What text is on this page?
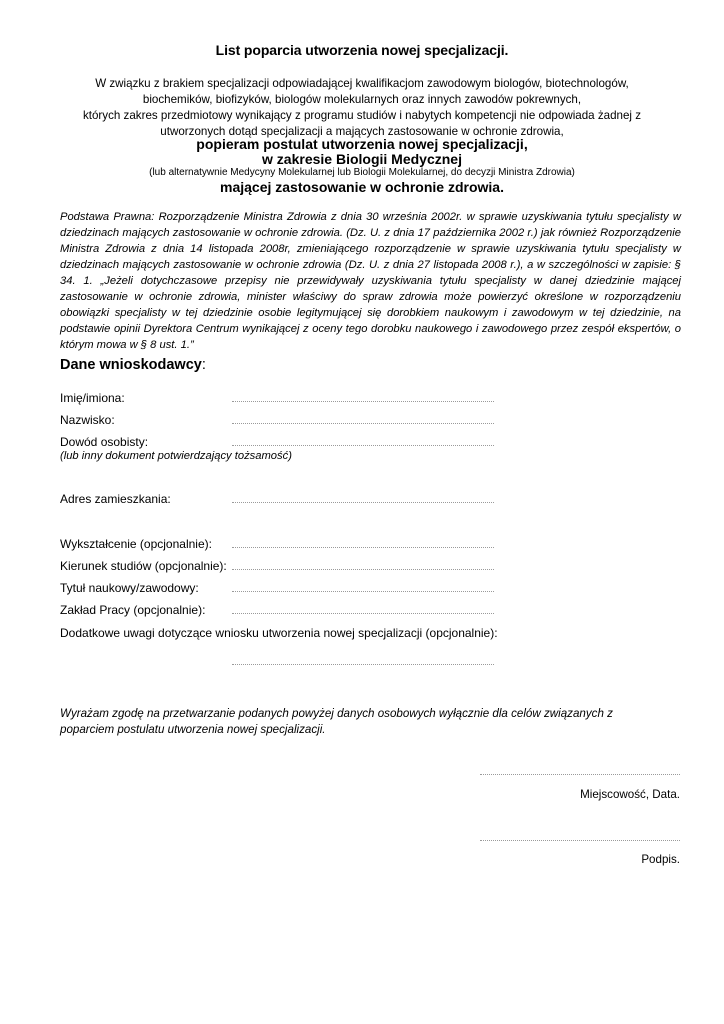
List poparcia utworzenia nowej specjalizacji.
W związku z brakiem specjalizacji odpowiadającej kwalifikacjom zawodowym biologów, biotechnologów,
biochemików, biofizyków, biologów molekularnych oraz innych zawodów pokrewnych,
których zakres przedmiotowy wynikający z programu studiów i nabytych kompetencji nie odpowiada żadnej z
utworzonych dotąd specjalizacji a mających zastosowanie w ochronie zdrowia,
popieram postulat utworzenia nowej specjalizacji,
w zakresie Biologii Medycznej
(lub alternatywnie Medycyny Molekularnej lub Biologii Molekularnej, do decyzji Ministra Zdrowia)
mającej zastosowanie w ochronie zdrowia.
Podstawa Prawna: Rozporządzenie Ministra Zdrowia z dnia 30 września 2002r. w sprawie uzyskiwania tytułu specjalisty w dziedzinach mających zastosowanie w ochronie zdrowia. (Dz. U. z dnia 17 października 2002 r.) jak również Rozporządzenie Ministra Zdrowia z dnia 14 listopada 2008r, zmieniającego rozporządzenie w sprawie uzyskiwania tytułu specjalisty w dziedzinach mających zastosowanie w ochronie zdrowia (Dz. U. z dnia 27 listopada 2008 r.), a w szczególności w zapisie: § 34. 1. „Jeżeli dotychczasowe przepisy nie przewidywały uzyskiwania tytułu specjalisty w danej dziedzinie mającej zastosowanie w ochronie zdrowia, minister właściwy do spraw zdrowia może powierzyć określone w rozporządzeniu obowiązki specjalisty w tej dziedzinie osobie legitymującej się dorobkiem naukowym i zawodowym w tej dziedzinie, na podstawie opinii Dyrektora Centrum wynikającej z oceny tego dorobku naukowego i zawodowego przez zespół ekspertów, o którym mowa w § 8 ust. 1.”
Dane wnioskodawcy:
Imię/imiona:
Nazwisko:
Dowód osobisty:
(lub inny dokument potwierdzający tożsamość)
Adres zamieszkania:
Wykształcenie (opcjonalnie):
Kierunek studiów (opcjonalnie):
Tytuł naukowy/zawodowy:
Zakład Pracy (opcjonalnie):
Dodatkowe uwagi dotyczące wniosku utworzenia nowej specjalizacji (opcjonalnie):
Wyrażam zgodę na przetwarzanie podanych powyżej danych osobowych wyłącznie dla celów związanych z poparciem postulatu utworzenia nowej specjalizacji.
Miejscowość, Data.
Podpis.
